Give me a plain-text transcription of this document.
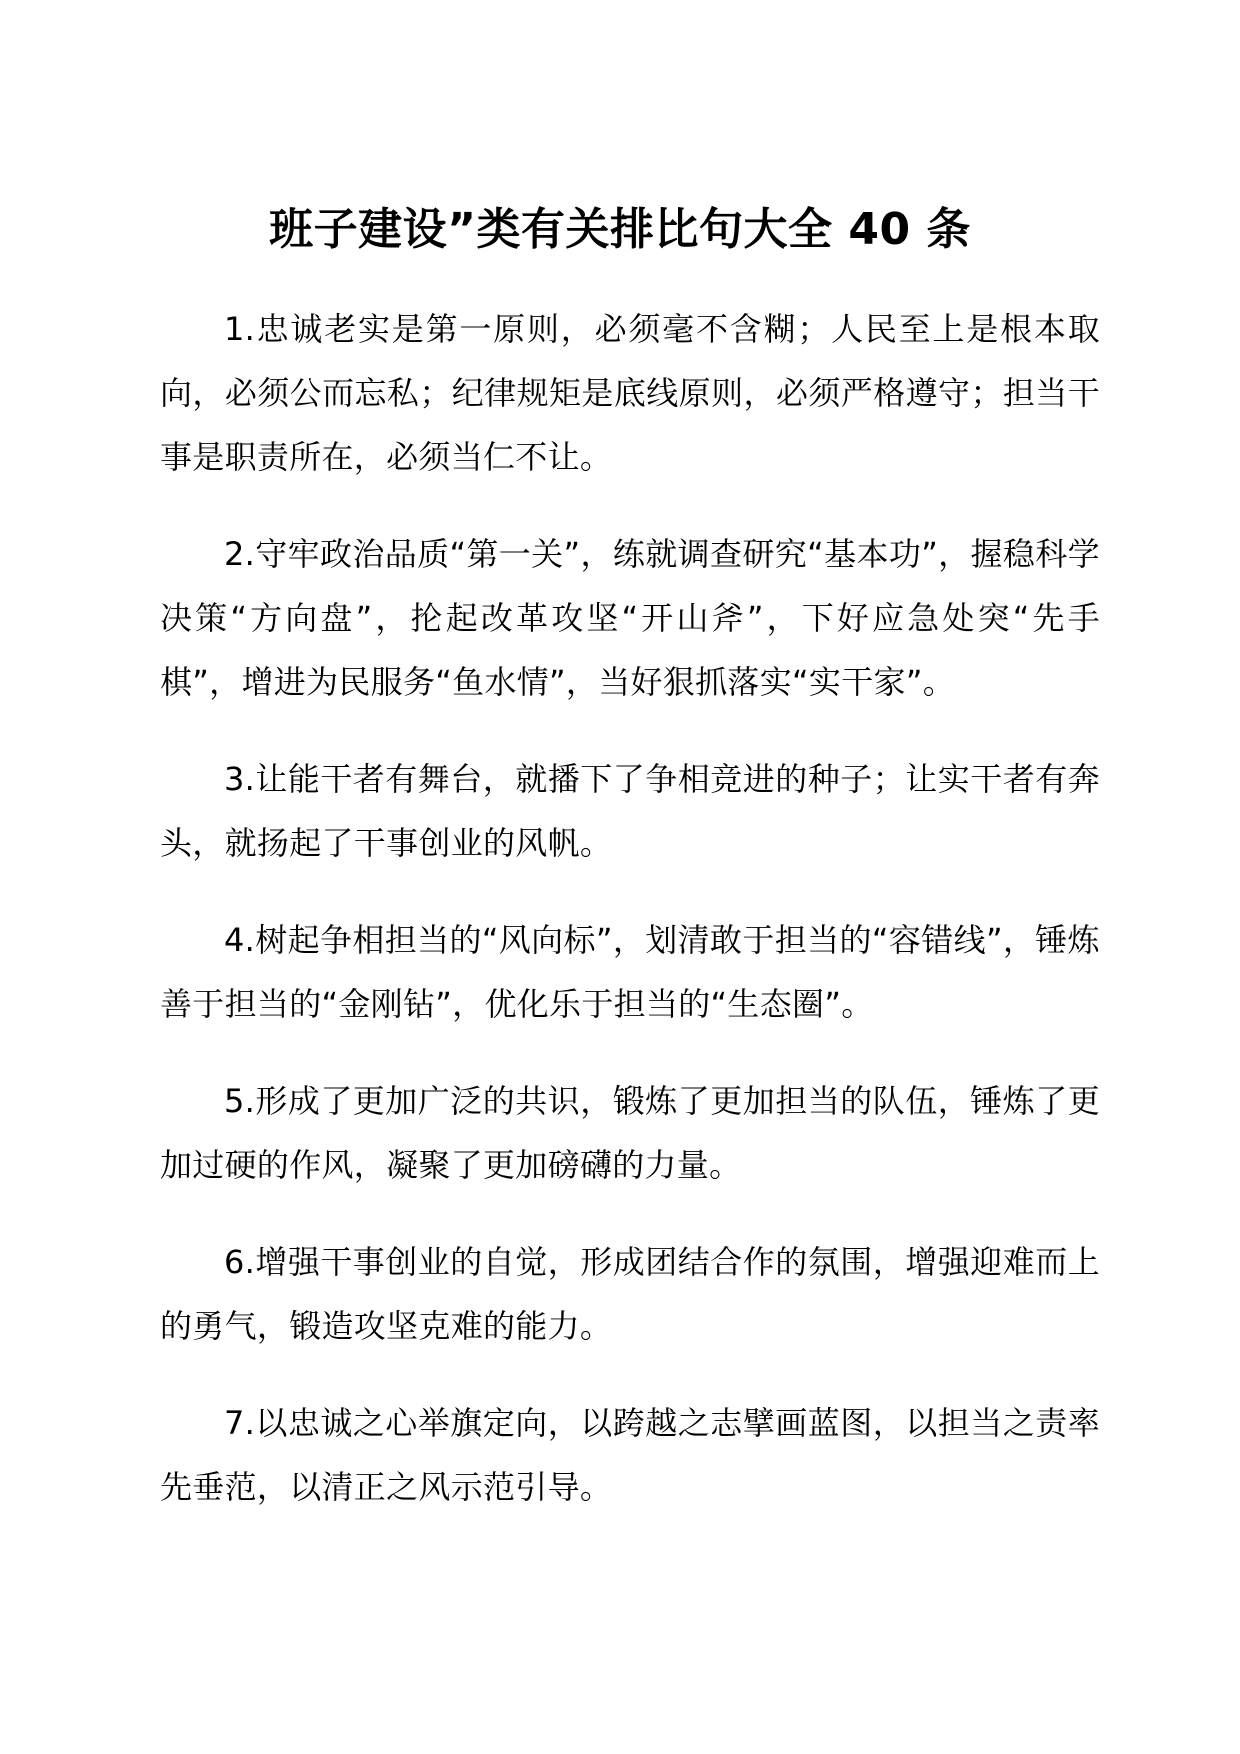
班子建设”类有关排比句大全 40 条

1.忠诚老实是第一原则，必须毫不含糊；人民至上是根本取向，必须公而忘私；纪律规矩是底线原则，必须严格遵守；担当干事是职责所在，必须当仁不让。

2.守牢政治品质“第一关”，练就调查研究“基本功”，握稳科学决策“方向盘”，抡起改革攻坚“开山斧”，下好应急处突“先手棋”，增进为民服务“鱼水情”，当好狠抓落实“实干家”。

3.让能干者有舞台，就播下了争相竞进的种子；让实干者有奔头，就扬起了干事创业的风帆。

4.树起争相担当的“风向标”，划清敢于担当的“容错线”，锤炼善于担当的“金刚钻”，优化乐于担当的“生态圈”。

5.形成了更加广泛的共识，锻炼了更加担当的队伍，锤炼了更加过硬的作风，凝聚了更加磅礴的力量。

6.增强干事创业的自觉，形成团结合作的氛围，增强迎难而上的勇气，锻造攻坚克难的能力。

7.以忠诚之心举旗定向，以跨越之志擘画蓝图，以担当之责率先垂范，以清正之风示范引导。
